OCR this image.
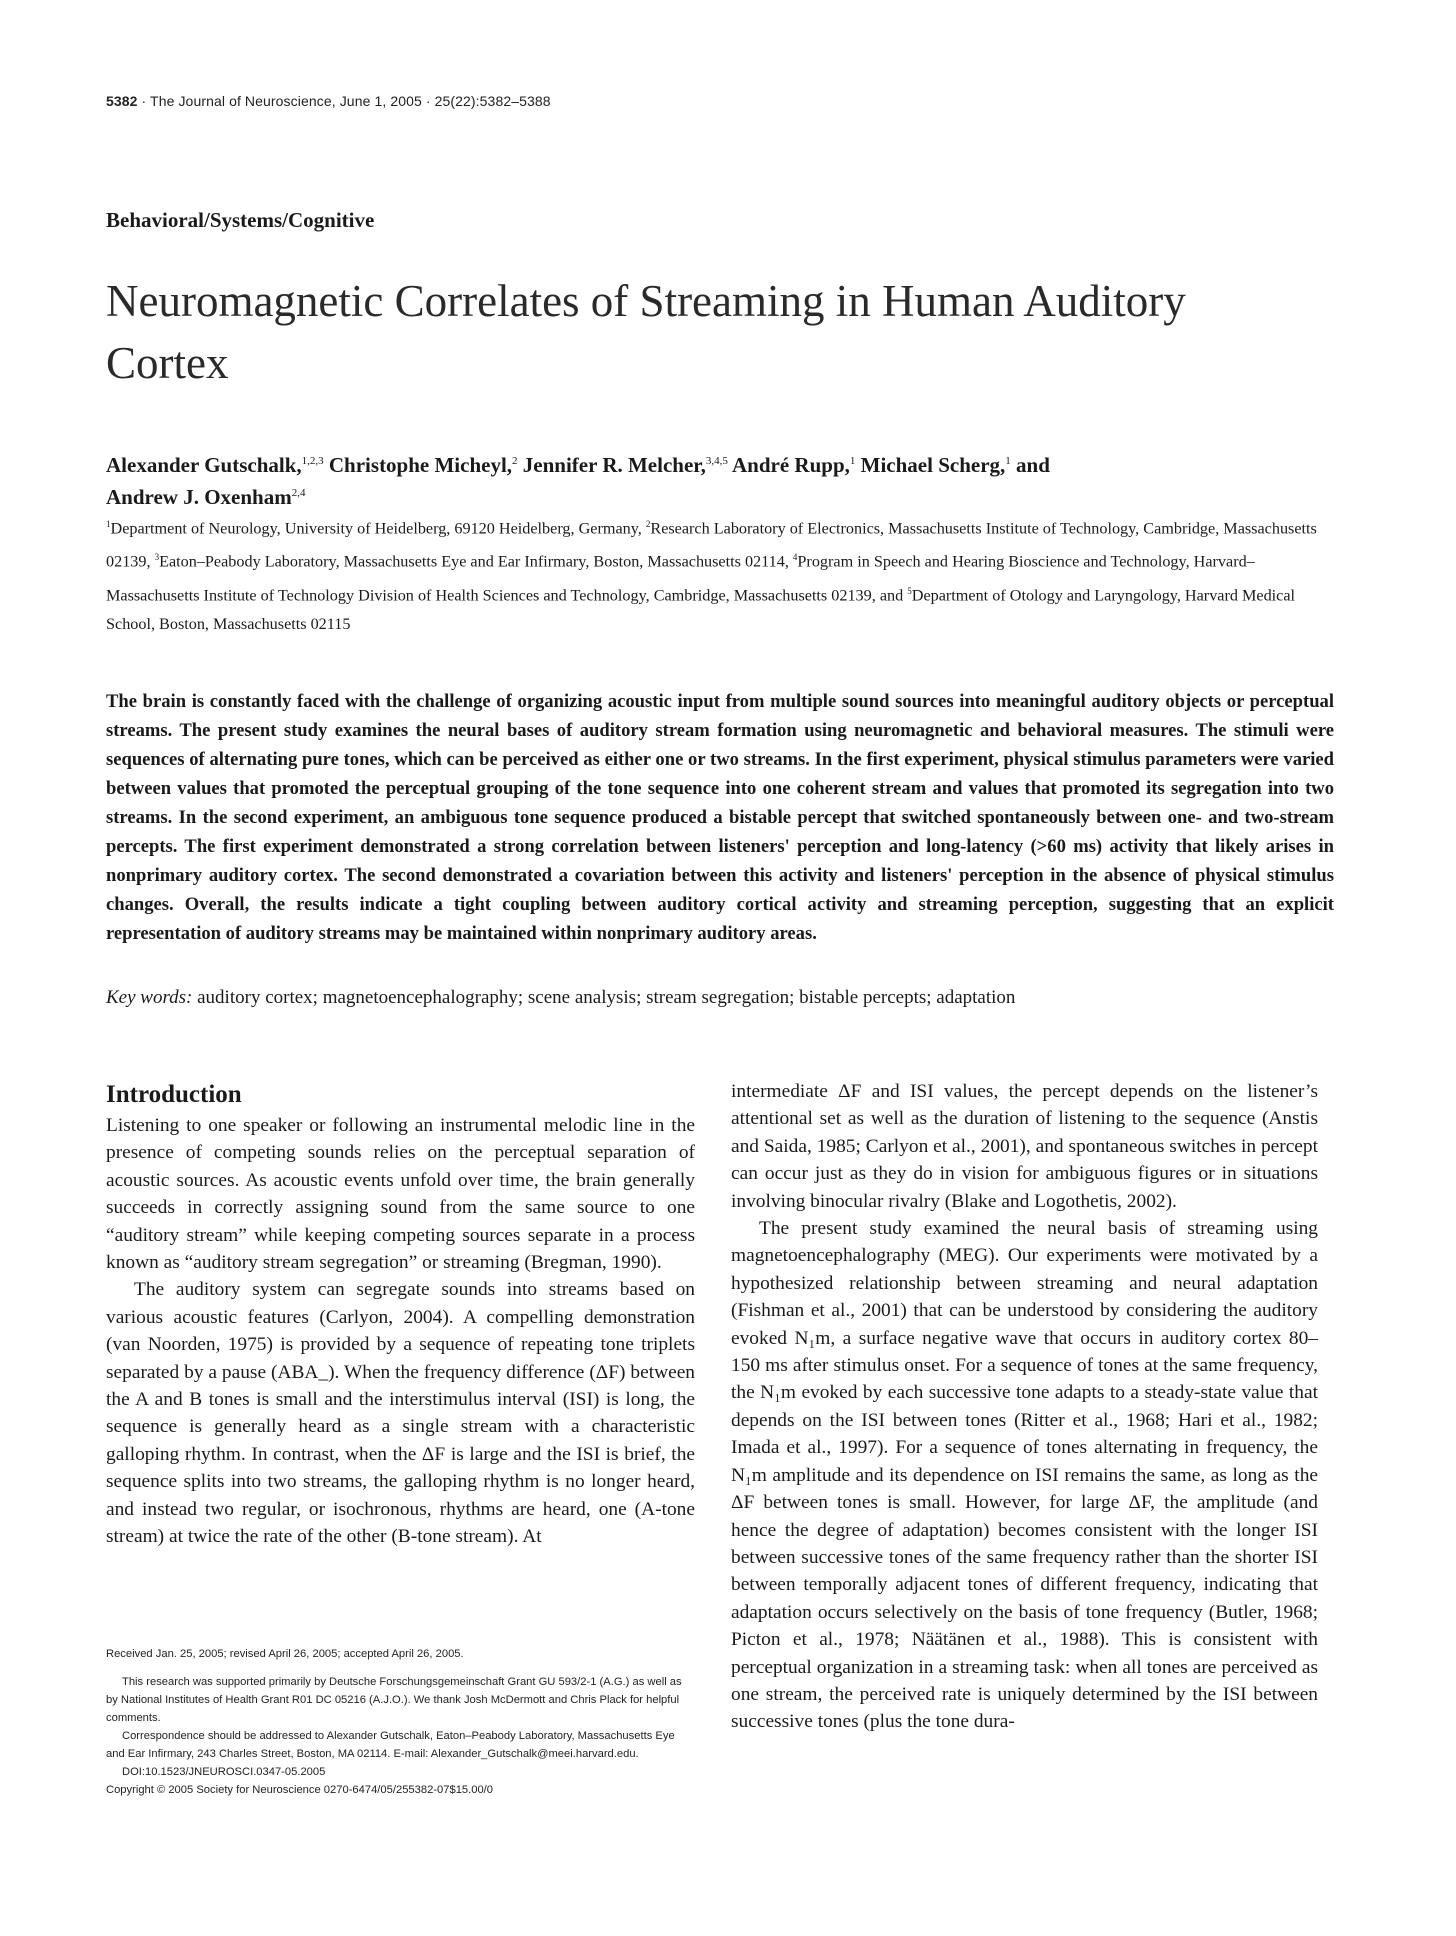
5382 · The Journal of Neuroscience, June 1, 2005 · 25(22):5382–5388
Behavioral/Systems/Cognitive
Neuromagnetic Correlates of Streaming in Human Auditory Cortex
Alexander Gutschalk,$^{1,2,3}$ Christophe Micheyl,$^2$ Jennifer R. Melcher,$^{3,4,5}$ André Rupp,$^1$ Michael Scherg,$^1$ and
Andrew J. Oxenham$^{2,4}$
$^1$Department of Neurology, University of Heidelberg, 69120 Heidelberg, Germany, $^2$Research Laboratory of Electronics, Massachusetts Institute of Technology, Cambridge, Massachusetts 02139, $^3$Eaton–Peabody Laboratory, Massachusetts Eye and Ear Infirmary, Boston, Massachusetts 02114, $^4$Program in Speech and Hearing Bioscience and Technology, Harvard–Massachusetts Institute of Technology Division of Health Sciences and Technology, Cambridge, Massachusetts 02139, and $^5$Department of Otology and Laryngology, Harvard Medical School, Boston, Massachusetts 02115
The brain is constantly faced with the challenge of organizing acoustic input from multiple sound sources into meaningful auditory objects or perceptual streams. The present study examines the neural bases of auditory stream formation using neuromagnetic and behavioral measures. The stimuli were sequences of alternating pure tones, which can be perceived as either one or two streams. In the first experiment, physical stimulus parameters were varied between values that promoted the perceptual grouping of the tone sequence into one coherent stream and values that promoted its segregation into two streams. In the second experiment, an ambiguous tone sequence produced a bistable percept that switched spontaneously between one- and two-stream percepts. The first experiment demonstrated a strong correlation between listeners' perception and long-latency (>60 ms) activity that likely arises in nonprimary auditory cortex. The second demonstrated a covariation between this activity and listeners' perception in the absence of physical stimulus changes. Overall, the results indicate a tight coupling between auditory cortical activity and streaming perception, suggesting that an explicit representation of auditory streams may be maintained within nonprimary auditory areas.
Key words: auditory cortex; magnetoencephalography; scene analysis; stream segregation; bistable percepts; adaptation
Introduction

Listening to one speaker or following an instrumental melodic line in the presence of competing sounds relies on the perceptual separation of acoustic sources. As acoustic events unfold over time, the brain generally succeeds in correctly assigning sound from the same source to one “auditory stream” while keeping competing sources separate in a process known as “auditory stream segregation” or streaming (Bregman, 1990).

The auditory system can segregate sounds into streams based on various acoustic features (Carlyon, 2004). A compelling demonstration (van Noorden, 1975) is provided by a sequence of repeating tone triplets separated by a pause (ABA_). When the frequency difference (ΔF) between the A and B tones is small and the interstimulus interval (ISI) is long, the sequence is generally heard as a single stream with a characteristic galloping rhythm. In contrast, when the ΔF is large and the ISI is brief, the sequence splits into two streams, the galloping rhythm is no longer heard, and instead two regular, or isochronous, rhythms are heard, one (A-tone stream) at twice the rate of the other (B-tone stream). At

intermediate ΔF and ISI values, the percept depends on the listener’s attentional set as well as the duration of listening to the sequence (Anstis and Saida, 1985; Carlyon et al., 2001), and spontaneous switches in percept can occur just as they do in vision for ambiguous figures or in situations involving binocular rivalry (Blake and Logothetis, 2002).

The present study examined the neural basis of streaming using magnetoencephalography (MEG). Our experiments were motivated by a hypothesized relationship between streaming and neural adaptation (Fishman et al., 2001) that can be understood by considering the auditory evoked N₁m, a surface negative wave that occurs in auditory cortex 80–150 ms after stimulus onset. For a sequence of tones at the same frequency, the N₁m evoked by each successive tone adapts to a steady-state value that depends on the ISI between tones (Ritter et al., 1968; Hari et al., 1982; Imada et al., 1997). For a sequence of tones alternating in frequency, the N₁m amplitude and its dependence on ISI remains the same, as long as the ΔF between tones is small. However, for large ΔF, the amplitude (and hence the degree of adaptation) becomes consistent with the longer ISI between successive tones of the same frequency rather than the shorter ISI between temporally adjacent tones of different frequency, indicating that adaptation occurs selectively on the basis of tone frequency (Butler, 1968; Picton et al., 1978; Näätänen et al., 1988). This is consistent with perceptual organization in a streaming task: when all tones are perceived as one stream, the perceived rate is uniquely determined by the ISI between successive tones (plus the tone dura-

Received Jan. 25, 2005; revised April 26, 2005; accepted April 26, 2005.

This research was supported primarily by Deutsche Forschungsgemeinschaft Grant GU 593/2-1 (A.G.) as well as by National Institutes of Health Grant R01 DC 05216 (A.J.O.). We thank Josh McDermott and Chris Plack for helpful comments.

Correspondence should be addressed to Alexander Gutschalk, Eaton–Peabody Laboratory, Massachusetts Eye and Ear Infirmary, 243 Charles Street, Boston, MA 02114. E-mail: Alexander_Gutschalk@meei.harvard.edu.

DOI:10.1523/JNEUROSCI.0347-05.2005

Copyright © 2005 Society for Neuroscience 0270-6474/05/255382-07$15.00/0
